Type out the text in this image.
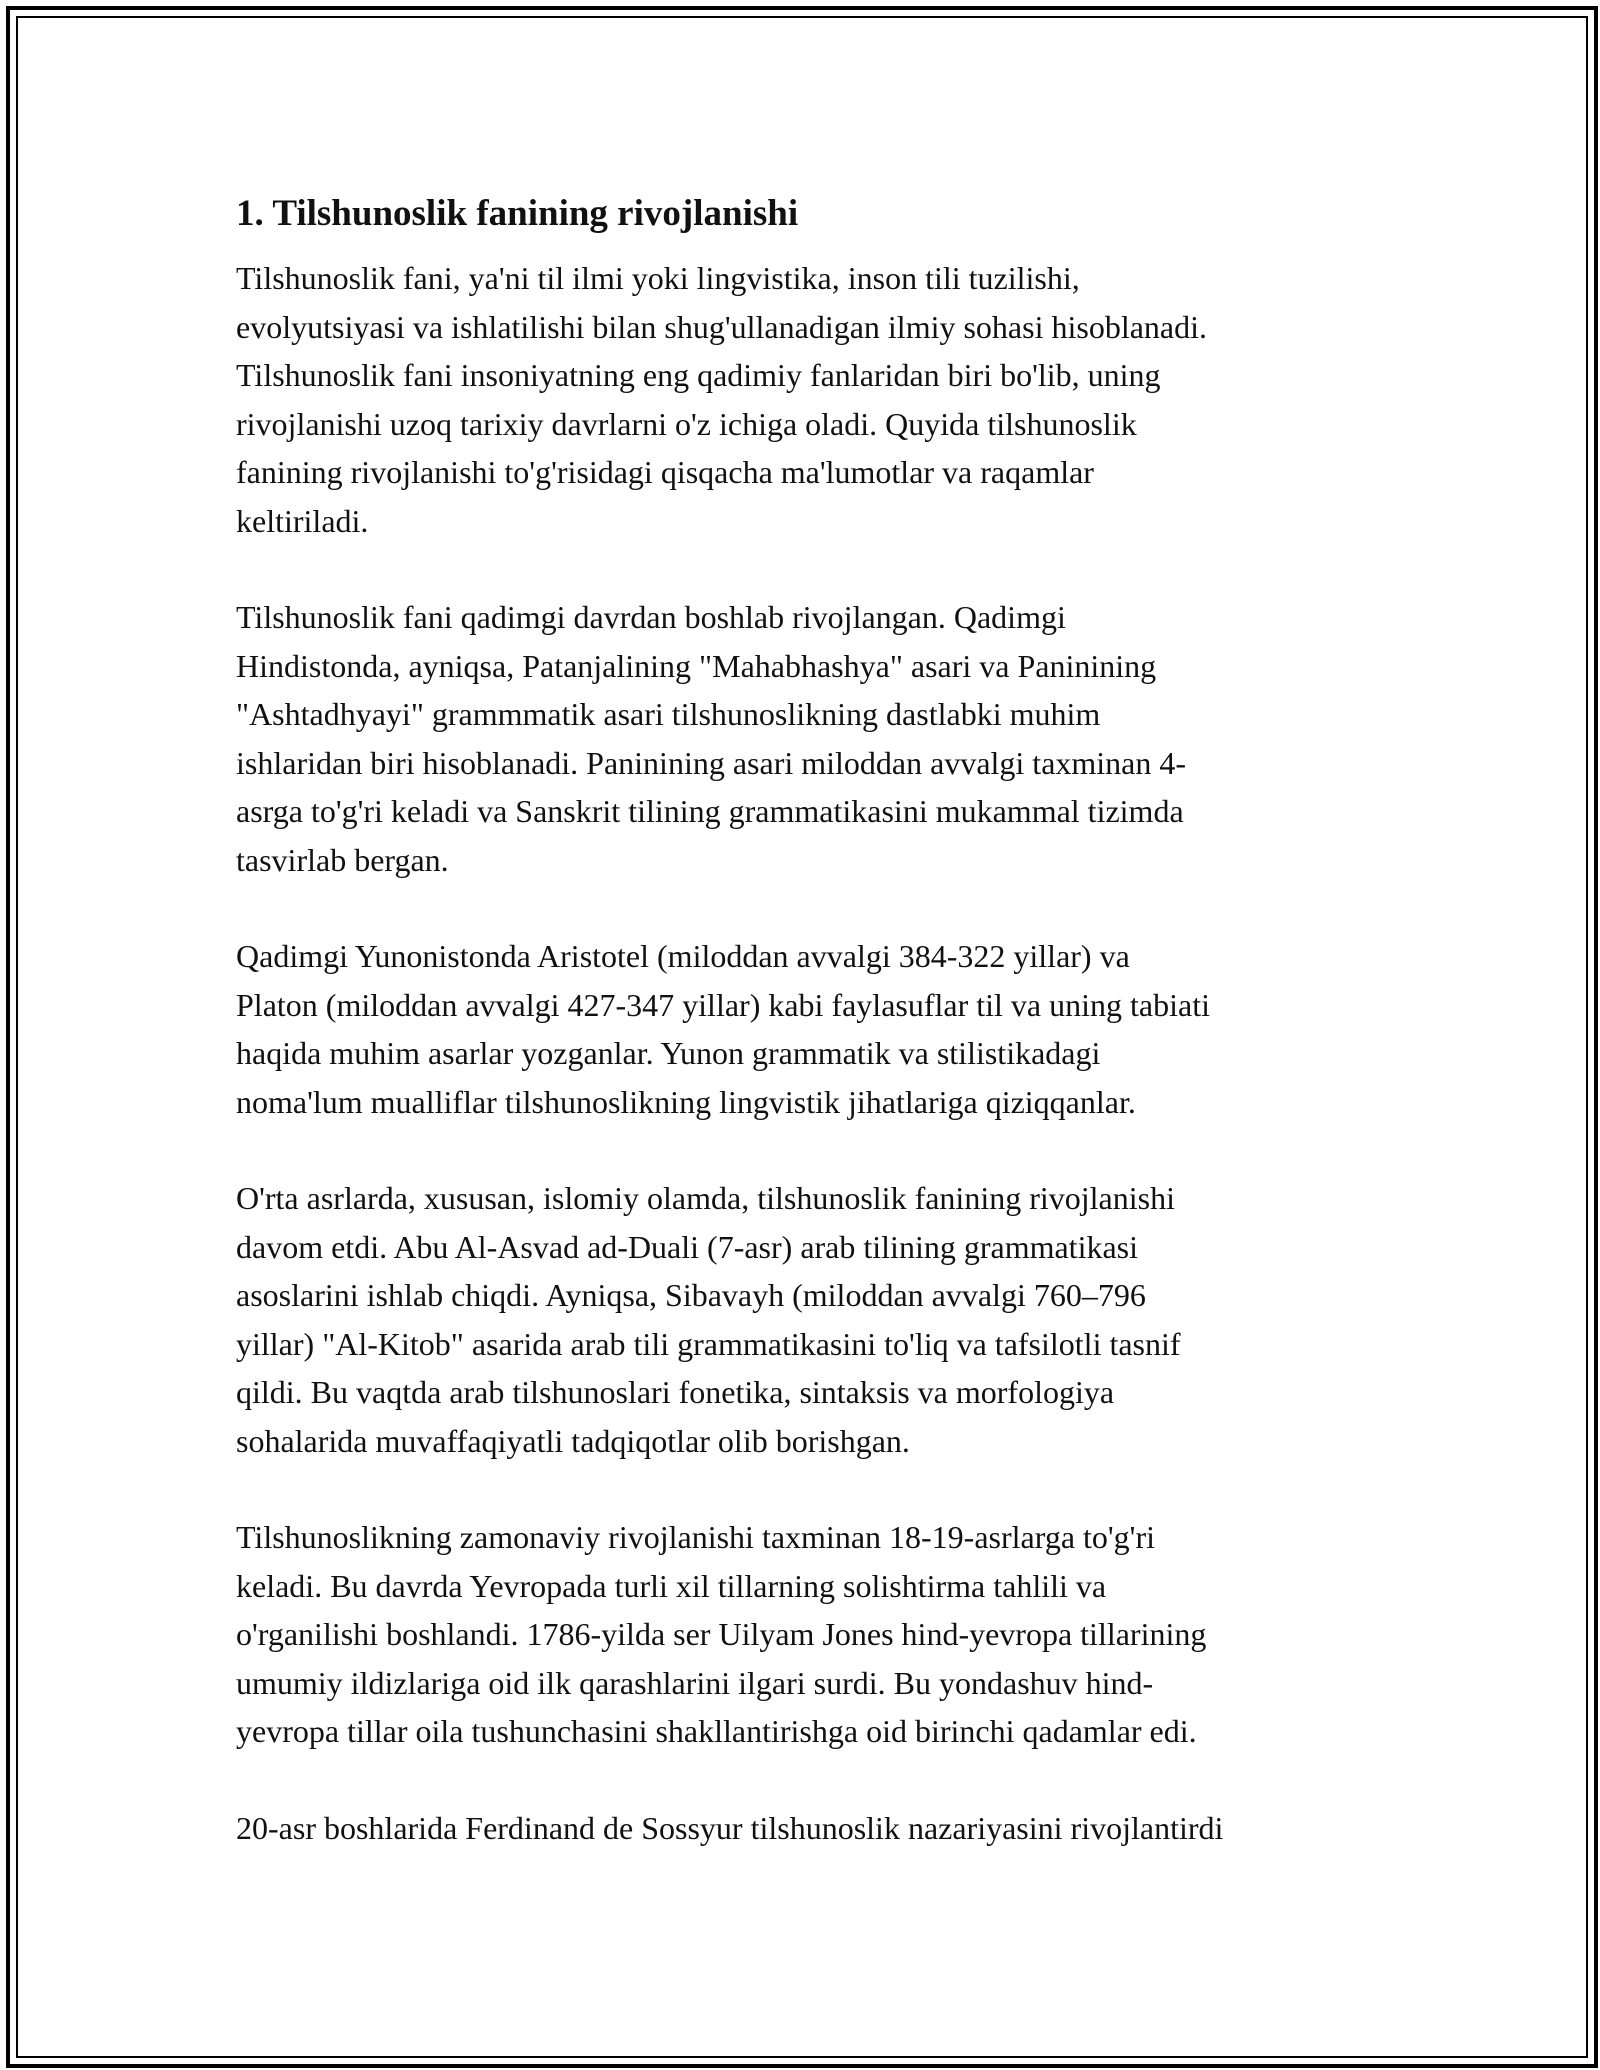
1. Tilshunoslik fanining rivojlanishi

Tilshunoslik fani, ya'ni til ilmi yoki lingvistika, inson tili tuzilishi,
evolyutsiyasi va ishlatilishi bilan shug'ullanadigan ilmiy sohasi hisoblanadi.
Tilshunoslik fani insoniyatning eng qadimiy fanlaridan biri bo'lib, uning
rivojlanishi uzoq tarixiy davrlarni o'z ichiga oladi. Quyida tilshunoslik
fanining rivojlanishi to'g'risidagi qisqacha ma'lumotlar va raqamlar
keltiriladi.

Tilshunoslik fani qadimgi davrdan boshlab rivojlangan. Qadimgi
Hindistonda, ayniqsa, Patanjalining "Mahabhashya" asari va Paninining
"Ashtadhyayi" grammmatik asari tilshunoslikning dastlabki muhim
ishlaridan biri hisoblanadi. Paninining asari miloddan avvalgi taxminan 4-
asrga to'g'ri keladi va Sanskrit tilining grammatikasini mukammal tizimda
tasvirlab bergan.

Qadimgi Yunonistonda Aristotel (miloddan avvalgi 384-322 yillar) va
Platon (miloddan avvalgi 427-347 yillar) kabi faylasuflar til va uning tabiati
haqida muhim asarlar yozganlar. Yunon grammatik va stilistikadagi
noma'lum mualliflar tilshunoslikning lingvistik jihatlariga qiziqqanlar.

O'rta asrlarda, xususan, islomiy olamda, tilshunoslik fanining rivojlanishi
davom etdi. Abu Al-Asvad ad-Duali (7-asr) arab tilining grammatikasi
asoslarini ishlab chiqdi. Ayniqsa, Sibavayh (miloddan avvalgi 760–796
yillar) "Al-Kitob" asarida arab tili grammatikasini to'liq va tafsilotli tasnif
qildi. Bu vaqtda arab tilshunoslari fonetika, sintaksis va morfologiya
sohalarida muvaffaqiyatli tadqiqotlar olib borishgan.

Tilshunoslikning zamonaviy rivojlanishi taxminan 18-19-asrlarga to'g'ri
keladi. Bu davrda Yevropada turli xil tillarning solishtirma tahlili va
o'rganilishi boshlandi. 1786-yilda ser Uilyam Jones hind-yevropa tillarining
umumiy ildizlariga oid ilk qarashlarini ilgari surdi. Bu yondashuv hind-
yevropa tillar oila tushunchasini shakllantirishga oid birinchi qadamlar edi.

20-asr boshlarida Ferdinand de Sossyur tilshunoslik nazariyasini rivojlantirdi
